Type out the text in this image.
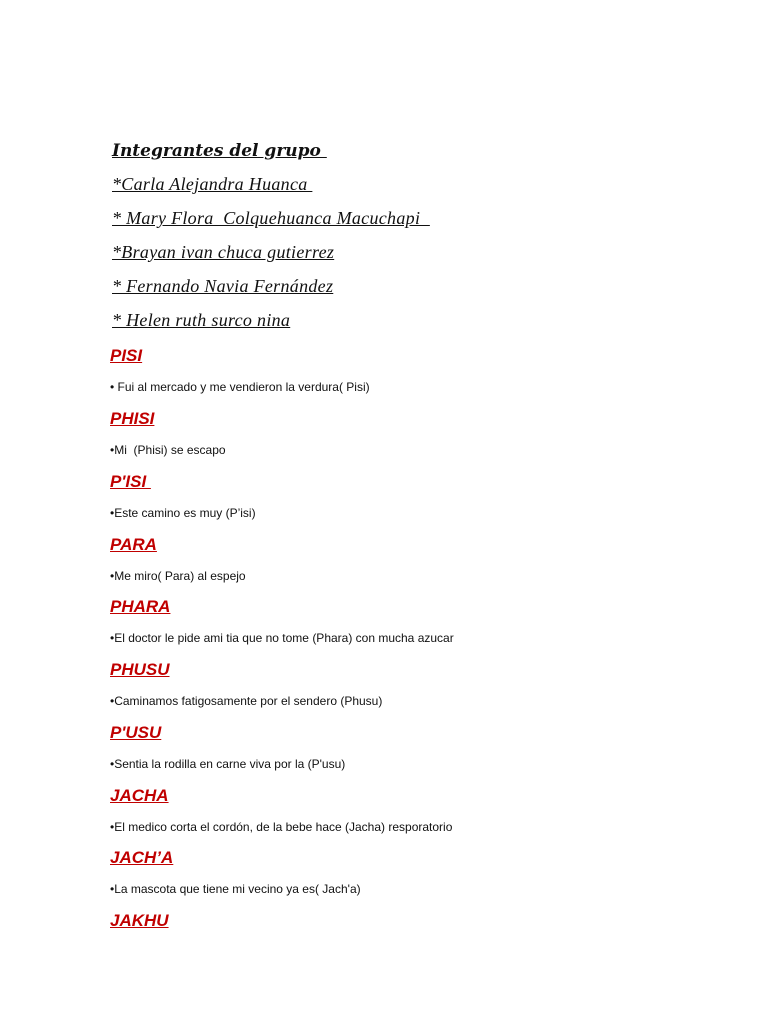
Integrantes del grupo
*Carla Alejandra Huanca
* Mary Flora  Colquehuanca Macuchapi
*Brayan ivan chuca gutierrez
* Fernando Navia Fernández
* Helen ruth surco nina
PISI
• Fui al mercado y me vendieron la verdura( Pisi)
PHISI
•Mi  (Phisi) se escapo
P'ISI
•Este camino es muy (P’isi)
PARA
•Me miro( Para) al espejo
PHARA
•El doctor le pide ami tia que no tome (Phara) con mucha azucar
PHUSU
•Caminamos fatigosamente por el sendero (Phusu)
P'USU
•Sentia la rodilla en carne viva por la (P'usu)
JACHA
•El medico corta el cordón, de la bebe hace (Jacha) resporatorio
JACH’A
•La mascota que tiene mi vecino ya es( Jach'a)
JAKHU
